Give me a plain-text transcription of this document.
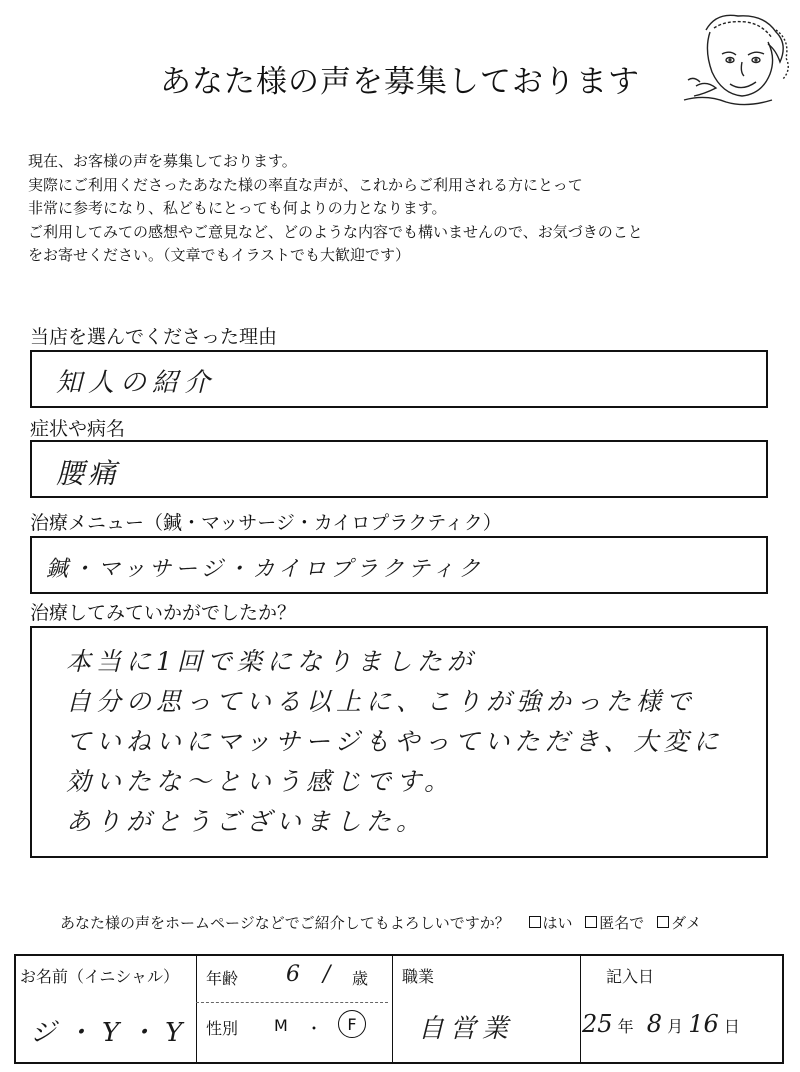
あなた様の声を募集しております
現在、お客様の声を募集しております。
実際にご利用くださったあなた様の率直な声が、これからご利用される方にとって
非常に参考になり、私どもにとっても何よりの力となります。
ご利用してみての感想やご意見など、どのような内容でも構いませんので、お気づきのこと
をお寄せください。（文章でもイラストでも大歓迎です）
当店を選んでくださった理由
知人の紹介
症状や病名
腰痛
治療メニュー（鍼・マッサージ・カイロプラクティク）
鍼・マッサージ・カイロプラクティク
治療してみていかがでしたか？
本当に1回で楽になりましたが
自分の思っている以上に、こりが強かった様で
ていねいにマッサージもやっていただき、大変に
効いたな〜という感じです。
ありがとうございました。
あなた様の声をホームページなどでご紹介してもよろしいですか？ はい 匿名で ダメ
お名前（イニシャル）
ジ・Y・Y
年齢 6 / 歳
性別 M ・	F
職業
自営業
記入日
25 年 8 月 16 日
